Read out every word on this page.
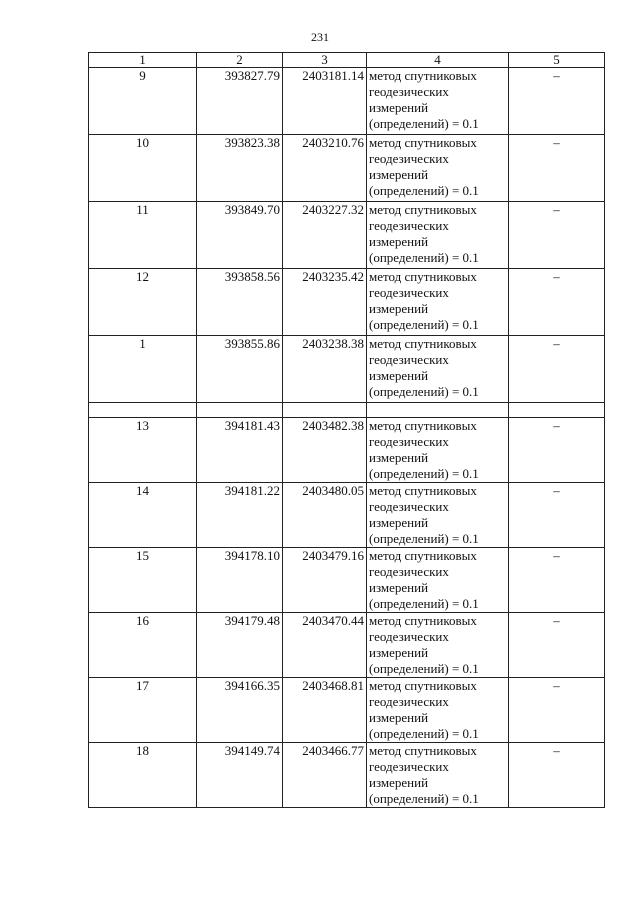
231
1	2	3	4	5
9	393827.79	2403181.14	метод спутниковых
геодезических
измерений
(определений) = 0.1	–
10	393823.38	2403210.76	метод спутниковых
геодезических
измерений
(определений) = 0.1	–
11	393849.70	2403227.32	метод спутниковых
геодезических
измерений
(определений) = 0.1	–
12	393858.56	2403235.42	метод спутниковых
геодезических
измерений
(определений) = 0.1	–
1	393855.86	2403238.38	метод спутниковых
геодезических
измерений
(определений) = 0.1	–

13	394181.43	2403482.38	метод спутниковых
геодезических
измерений
(определений) = 0.1	–
14	394181.22	2403480.05	метод спутниковых
геодезических
измерений
(определений) = 0.1	–
15	394178.10	2403479.16	метод спутниковых
геодезических
измерений
(определений) = 0.1	–
16	394179.48	2403470.44	метод спутниковых
геодезических
измерений
(определений) = 0.1	–
17	394166.35	2403468.81	метод спутниковых
геодезических
измерений
(определений) = 0.1	–
18	394149.74	2403466.77	метод спутниковых
геодезических
измерений
(определений) = 0.1	–
